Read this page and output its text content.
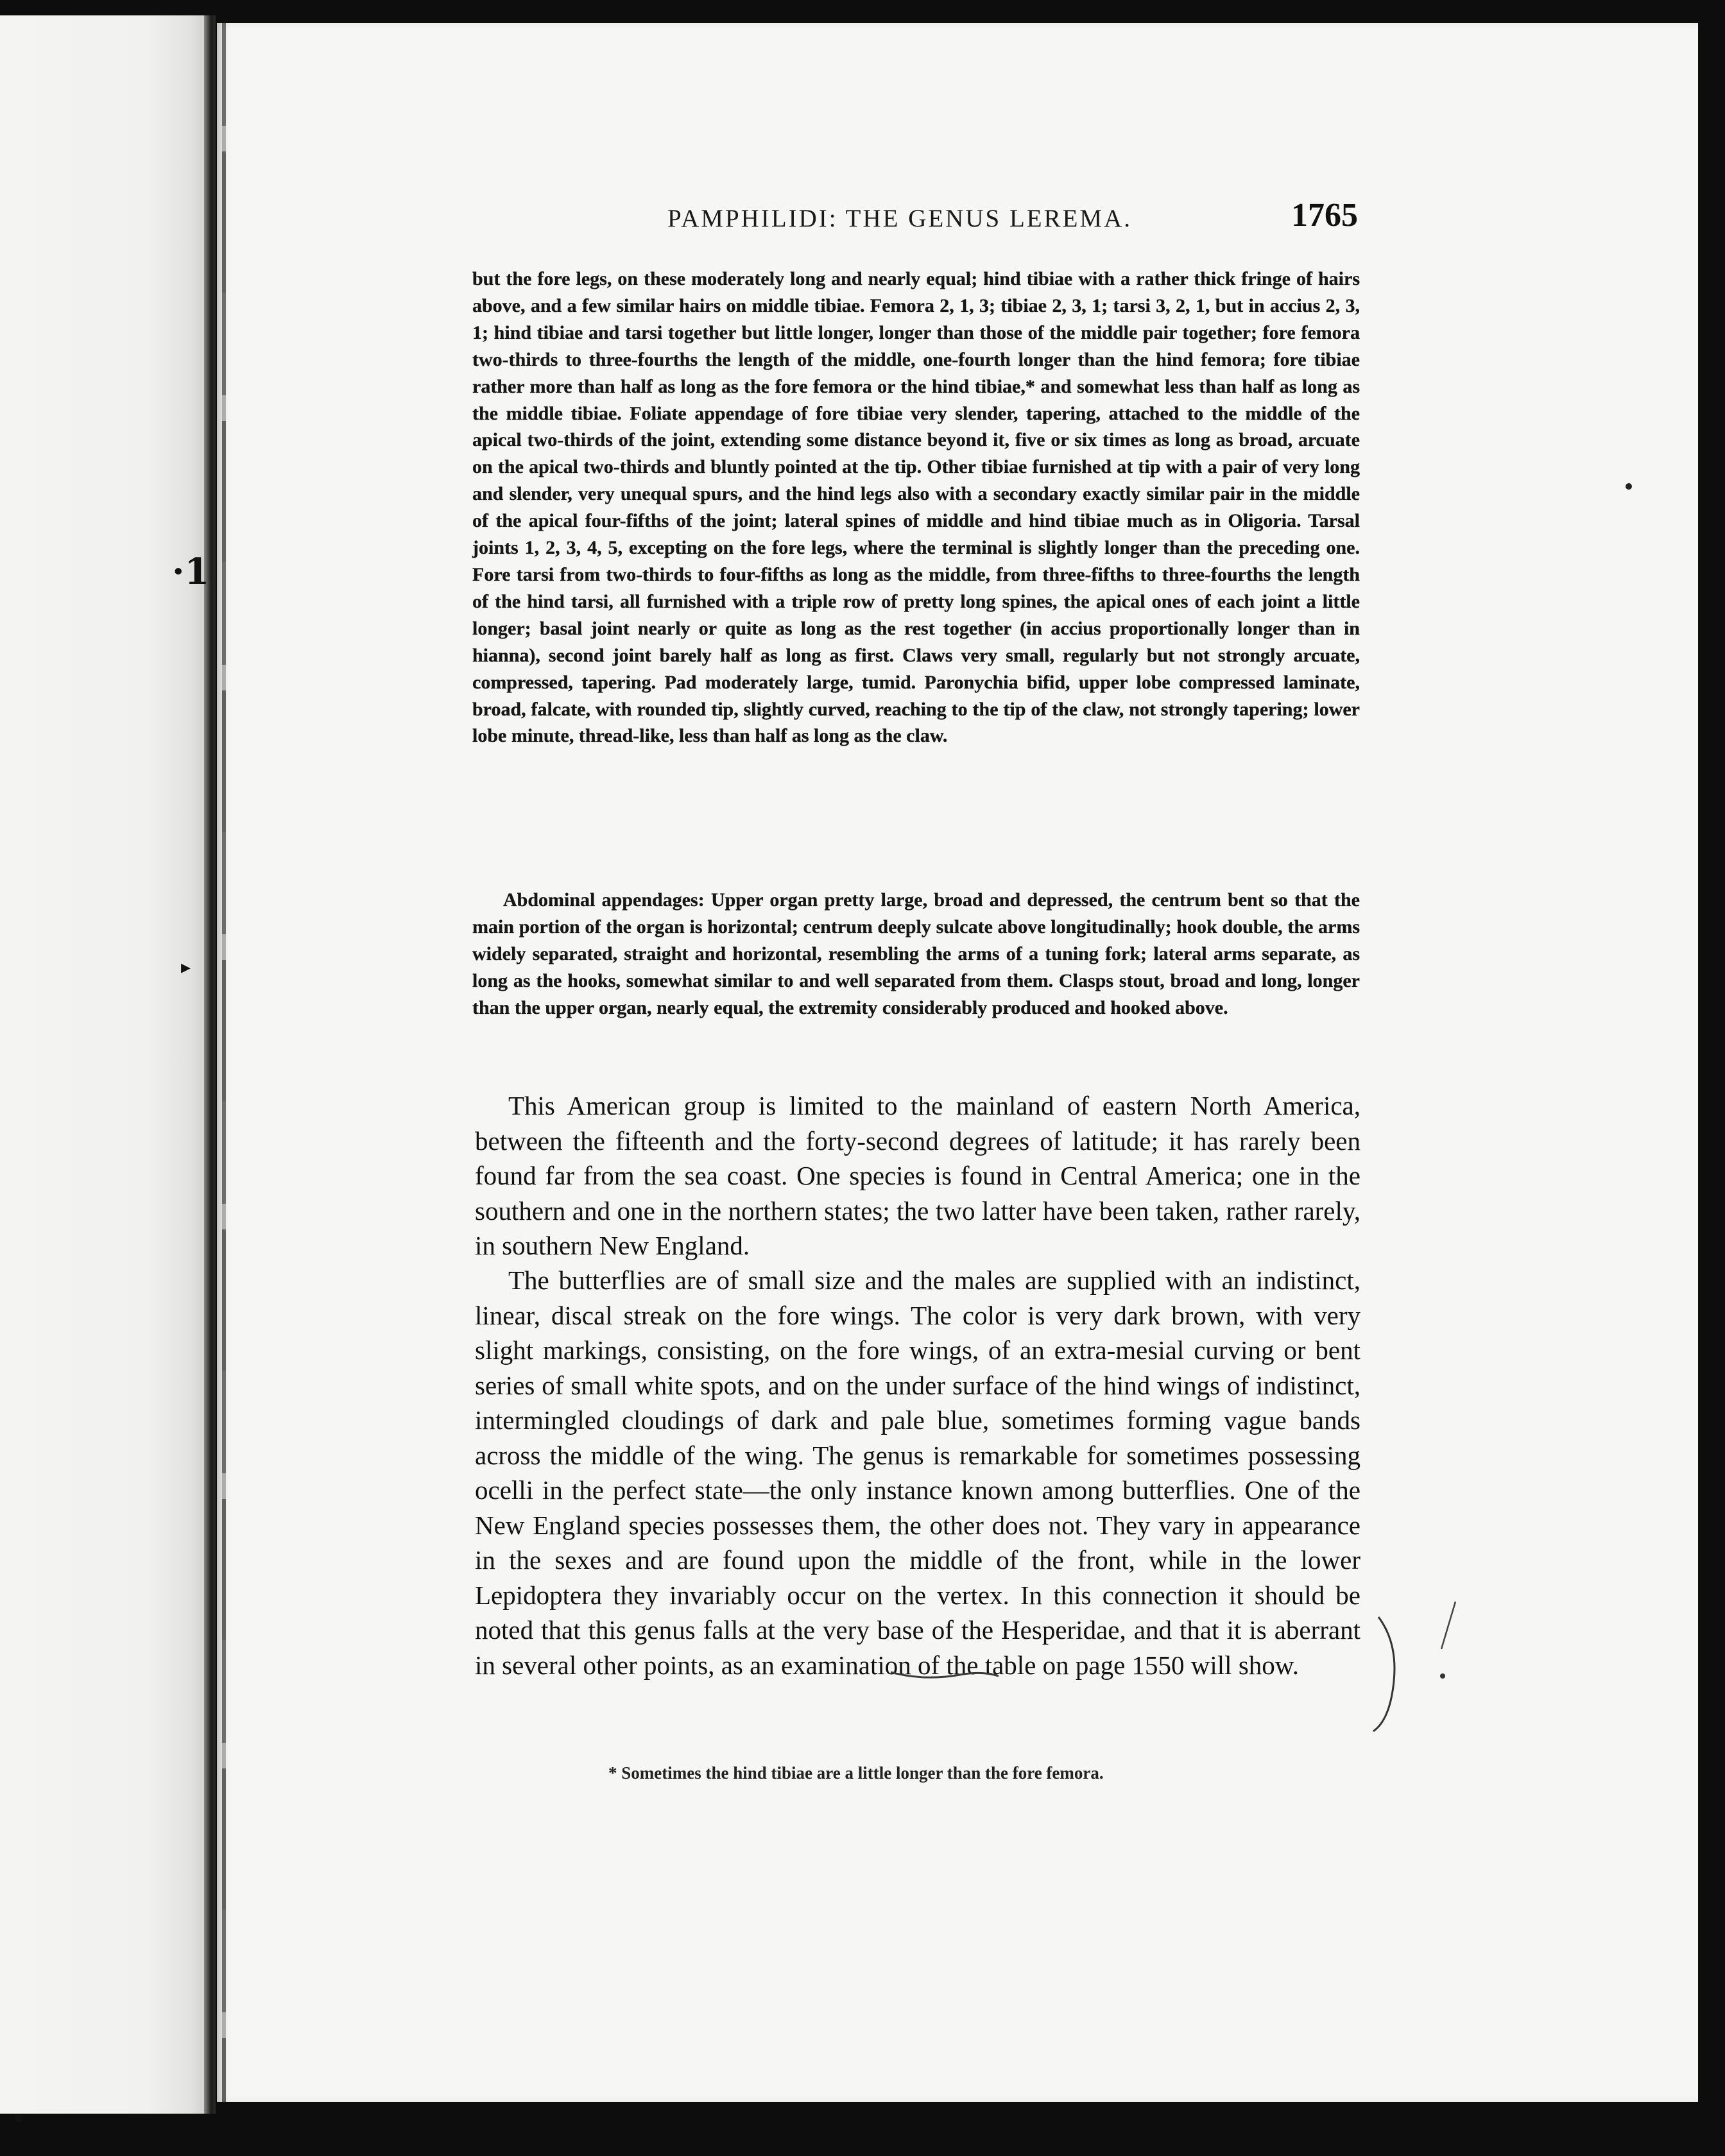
·1
▸
▪
PAMPHILIDI: THE GENUS LEREMA.	1765

but the fore legs, on these moderately long and nearly equal; hind tibiae with a rather thick fringe of hairs above, and a few similar hairs on middle tibiae. Femora 2, 1, 3; tibiae 2, 3, 1; tarsi 3, 2, 1, but in accius 2, 3, 1; hind tibiae and tarsi together but little longer, longer than those of the middle pair together; fore femora two-thirds to three-fourths the length of the middle, one-fourth longer than the hind femora; fore tibiae rather more than half as long as the fore femora or the hind tibiae,* and somewhat less than half as long as the middle tibiae. Foliate appendage of fore tibiae very slender, tapering, attached to the middle of the apical two-thirds of the joint, extending some distance beyond it, five or six times as long as broad, arcuate on the apical two-thirds and bluntly pointed at the tip. Other tibiae furnished at tip with a pair of very long and slender, very unequal spurs, and the hind legs also with a secondary exactly similar pair in the middle of the apical four-fifths of the joint; lateral spines of middle and hind tibiae much as in Oligoria. Tarsal joints 1, 2, 3, 4, 5, excepting on the fore legs, where the terminal is slightly longer than the preceding one. Fore tarsi from two-thirds to four-fifths as long as the middle, from three-fifths to three-fourths the length of the hind tarsi, all furnished with a triple row of pretty long spines, the apical ones of each joint a little longer; basal joint nearly or quite as long as the rest together (in accius proportionally longer than in hianna), second joint barely half as long as first. Claws very small, regularly but not strongly arcuate, compressed, tapering. Pad moderately large, tumid. Paronychia bifid, upper lobe compressed laminate, broad, falcate, with rounded tip, slightly curved, reaching to the tip of the claw, not strongly tapering; lower lobe minute, thread-like, less than half as long as the claw.

Abdominal appendages: Upper organ pretty large, broad and depressed, the centrum bent so that the main portion of the organ is horizontal; centrum deeply sulcate above longitudinally; hook double, the arms widely separated, straight and horizontal, resembling the arms of a tuning fork; lateral arms separate, as long as the hooks, somewhat similar to and well separated from them. Clasps stout, broad and long, longer than the upper organ, nearly equal, the extremity considerably produced and hooked above.

This American group is limited to the mainland of eastern North America, between the fifteenth and the forty-second degrees of latitude; it has rarely been found far from the sea coast. One species is found in Central America; one in the southern and one in the northern states; the two latter have been taken, rather rarely, in southern New England.

The butterflies are of small size and the males are supplied with an indistinct, linear, discal streak on the fore wings. The color is very dark brown, with very slight markings, consisting, on the fore wings, of an extra-mesial curving or bent series of small white spots, and on the under surface of the hind wings of indistinct, intermingled cloudings of dark and pale blue, sometimes forming vague bands across the middle of the wing. The genus is remarkable for sometimes possessing ocelli in the perfect state—the only instance known among butterflies. One of the New England species possesses them, the other does not. They vary in appearance in the sexes and are found upon the middle of the front, while in the lower Lepidoptera they invariably occur on the vertex. In this connection it should be noted that this genus falls at the very base of the Hesperidae, and that it is aberrant in several other points, as an examination of the table on page 1550 will show.

* Sometimes the hind tibiae are a little longer than the fore femora.
